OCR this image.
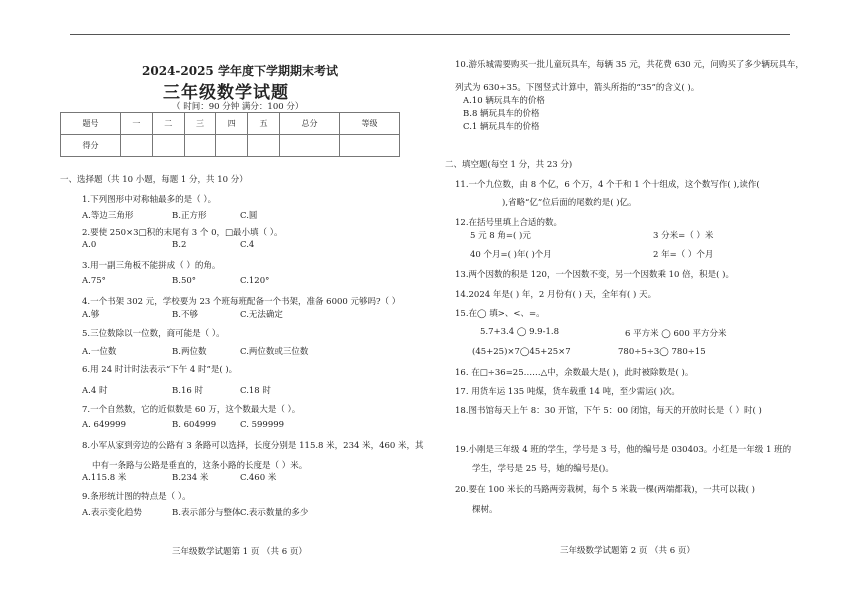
2024-2025 学年度下学期期末考试
三年级数学试题
（ 时间：90 分钟 满分：100 分）
题号	一	二	三	四	五	总分	等级
得分							
一、选择题（共 10 小题，每题 1 分，共 10 分）
1.下列图形中对称轴最多的是（ ）。
A.等边三角形	B.正方形	C.圆
2.要使 250×3□积的末尾有 3 个 0，□最小填（ ）。
A.0	B.2	C.4
3.用一副三角板不能拼成（ ）的角。
A.75°	B.50°	C.120°
4.一个书架 302 元，学校要为 23 个班每班配备一个书架，准备 6000 元够吗?（ ）
A.够	B.不够	C.无法确定
5.三位数除以一位数，商可能是（ ）。
A.一位数	B.两位数	C.两位数或三位数
6.用 24 时计时法表示“下午 4 时”是( )。
A.4 时	B.16 时	C.18 时
7.一个自然数，它的近似数是 60 万，这个数最大是（ ）。
A. 649999	B. 604999	C. 599999
8.小军从家到旁边的公路有 3 条路可以选择，长度分别是 115.8 米，234 米，460 米，其
中有一条路与公路是垂直的，这条小路的长度是（ ）米。
A.115.8 米	B.234 米	C.460 米
9.条形统计图的特点是（ ）。
A.表示变化趋势	B.表示部分与整体 C.表示数量的多少
三年级数学试题第 1 页 （共 6 页）
10.游乐城需要购买一批儿童玩具车，每辆 35 元，共花费 630 元，问购买了多少辆玩具车，
列式为 630÷35。下图竖式计算中，箭头所指的“35”的含义( )。
A.10 辆玩具车的价格
B.8 辆玩具车的价格
C.1 辆玩具车的价格
二、填空题(每空 1 分，共 23 分)
11.一个九位数，由 8 个亿，6 个万，4 个千和 1 个十组成，这个数写作( ),读作(
),省略“亿”位后面的尾数约是( )亿。
12.在括号里填上合适的数。
5 元 8 角=( )元	3 分米=（ ）米
40 个月=( )年( )个月	2 年=（ ）个月
13.两个因数的积是 120，一个因数不变，另一个因数乘 10 倍，积是( )。
14.2024 年是( ) 年，2 月份有( ) 天，全年有( ) 天。
15.在◯ 填>、<、=。
5.7+3.4 ◯ 9.9-1.8	6 平方米 ◯ 600 平方分米
(45+25)×7◯45+25×7	780÷5÷3◯ 780÷15
16. 在□÷36=25……△中，余数最大是( )，此时被除数是( )。
17. 用货车运 135 吨煤，货车载重 14 吨，至少需运( )次。
18.图书馆每天上午 8：30 开馆，下午 5：00 闭馆，每天的开放时长是（ ）时( )
19.小刚是三年级 4 班的学生，学号是 3 号，他的编号是 030403。小红是一年级 1 班的
学生，学号是 25 号，她的编号是()。
20.要在 100 米长的马路两旁栽树，每个 5 米栽一棵(两端都栽)，一共可以栽( )
棵树。
三年级数学试题第 2 页 （共 6 页）
